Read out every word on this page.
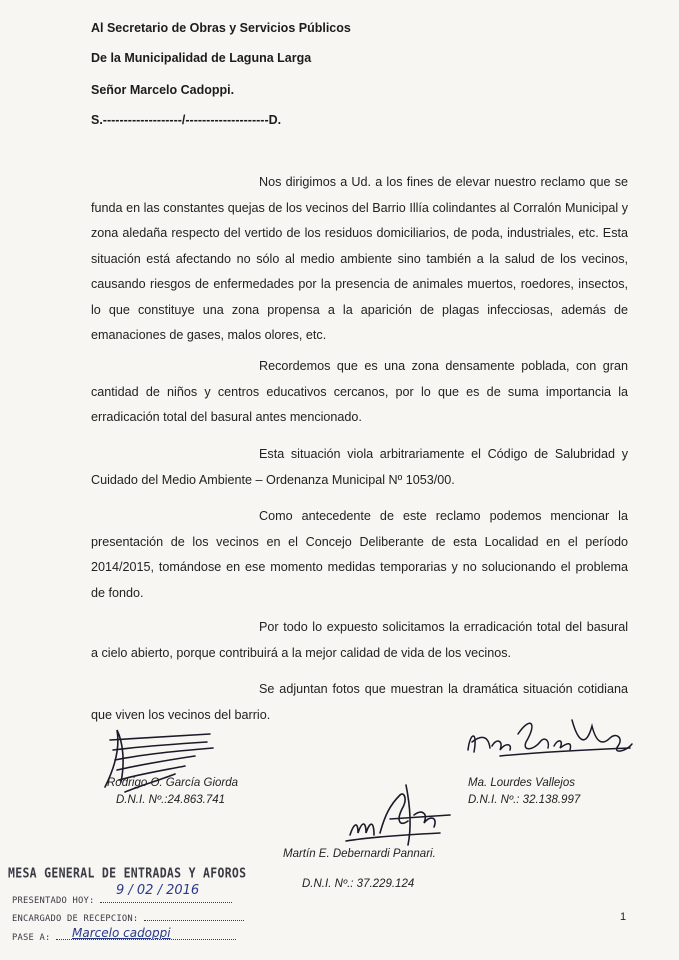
Al Secretario de Obras y Servicios Públicos
De la Municipalidad de Laguna Larga
Señor Marcelo Cadoppi.
S.-------------------/--------------------D.
Nos dirigimos a Ud. a los fines de elevar nuestro reclamo que se funda en las constantes quejas de los vecinos del Barrio Illía colindantes al Corralón Municipal y zona aledaña respecto del vertido de los residuos domiciliarios, de poda, industriales, etc. Esta situación está afectando no sólo al medio ambiente sino también a la salud de los vecinos, causando riesgos de enfermedades por la presencia de animales muertos, roedores, insectos, lo que constituye una zona propensa a la aparición de plagas infecciosas, además de emanaciones de gases, malos olores, etc.
Recordemos que es una zona densamente poblada, con gran cantidad de niños y centros educativos cercanos, por lo que es de suma importancia la erradicación total del basural antes mencionado.
Esta situación viola arbitrariamente el Código de Salubridad y Cuidado del Medio Ambiente – Ordenanza Municipal Nº 1053/00.
Como antecedente de este reclamo podemos mencionar la presentación de los vecinos en el Concejo Deliberante de esta Localidad en el período 2014/2015, tomándose en ese momento medidas temporarias y no solucionando el problema de fondo.
Por todo lo expuesto solicitamos la erradicación total del basural a cielo abierto, porque contribuirá a la mejor calidad de vida de los vecinos.
Se adjuntan fotos que muestran la dramática situación cotidiana que viven los vecinos del barrio.
Rodrigo O. García Giorda
D.N.I. Nº.:24.863.741
Ma. Lourdes Vallejos
D.N.I. Nº.: 32.138.997
Martín E. Debernardi Pannari.
D.N.I. Nº.: 37.229.124
MESA GENERAL DE ENTRADAS Y AFOROS
PRESENTADO HOY:
ENCARGADO DE RECEPCION:
PASE A:
9 / 02 / 2016
Marcelo cadoppi
1
